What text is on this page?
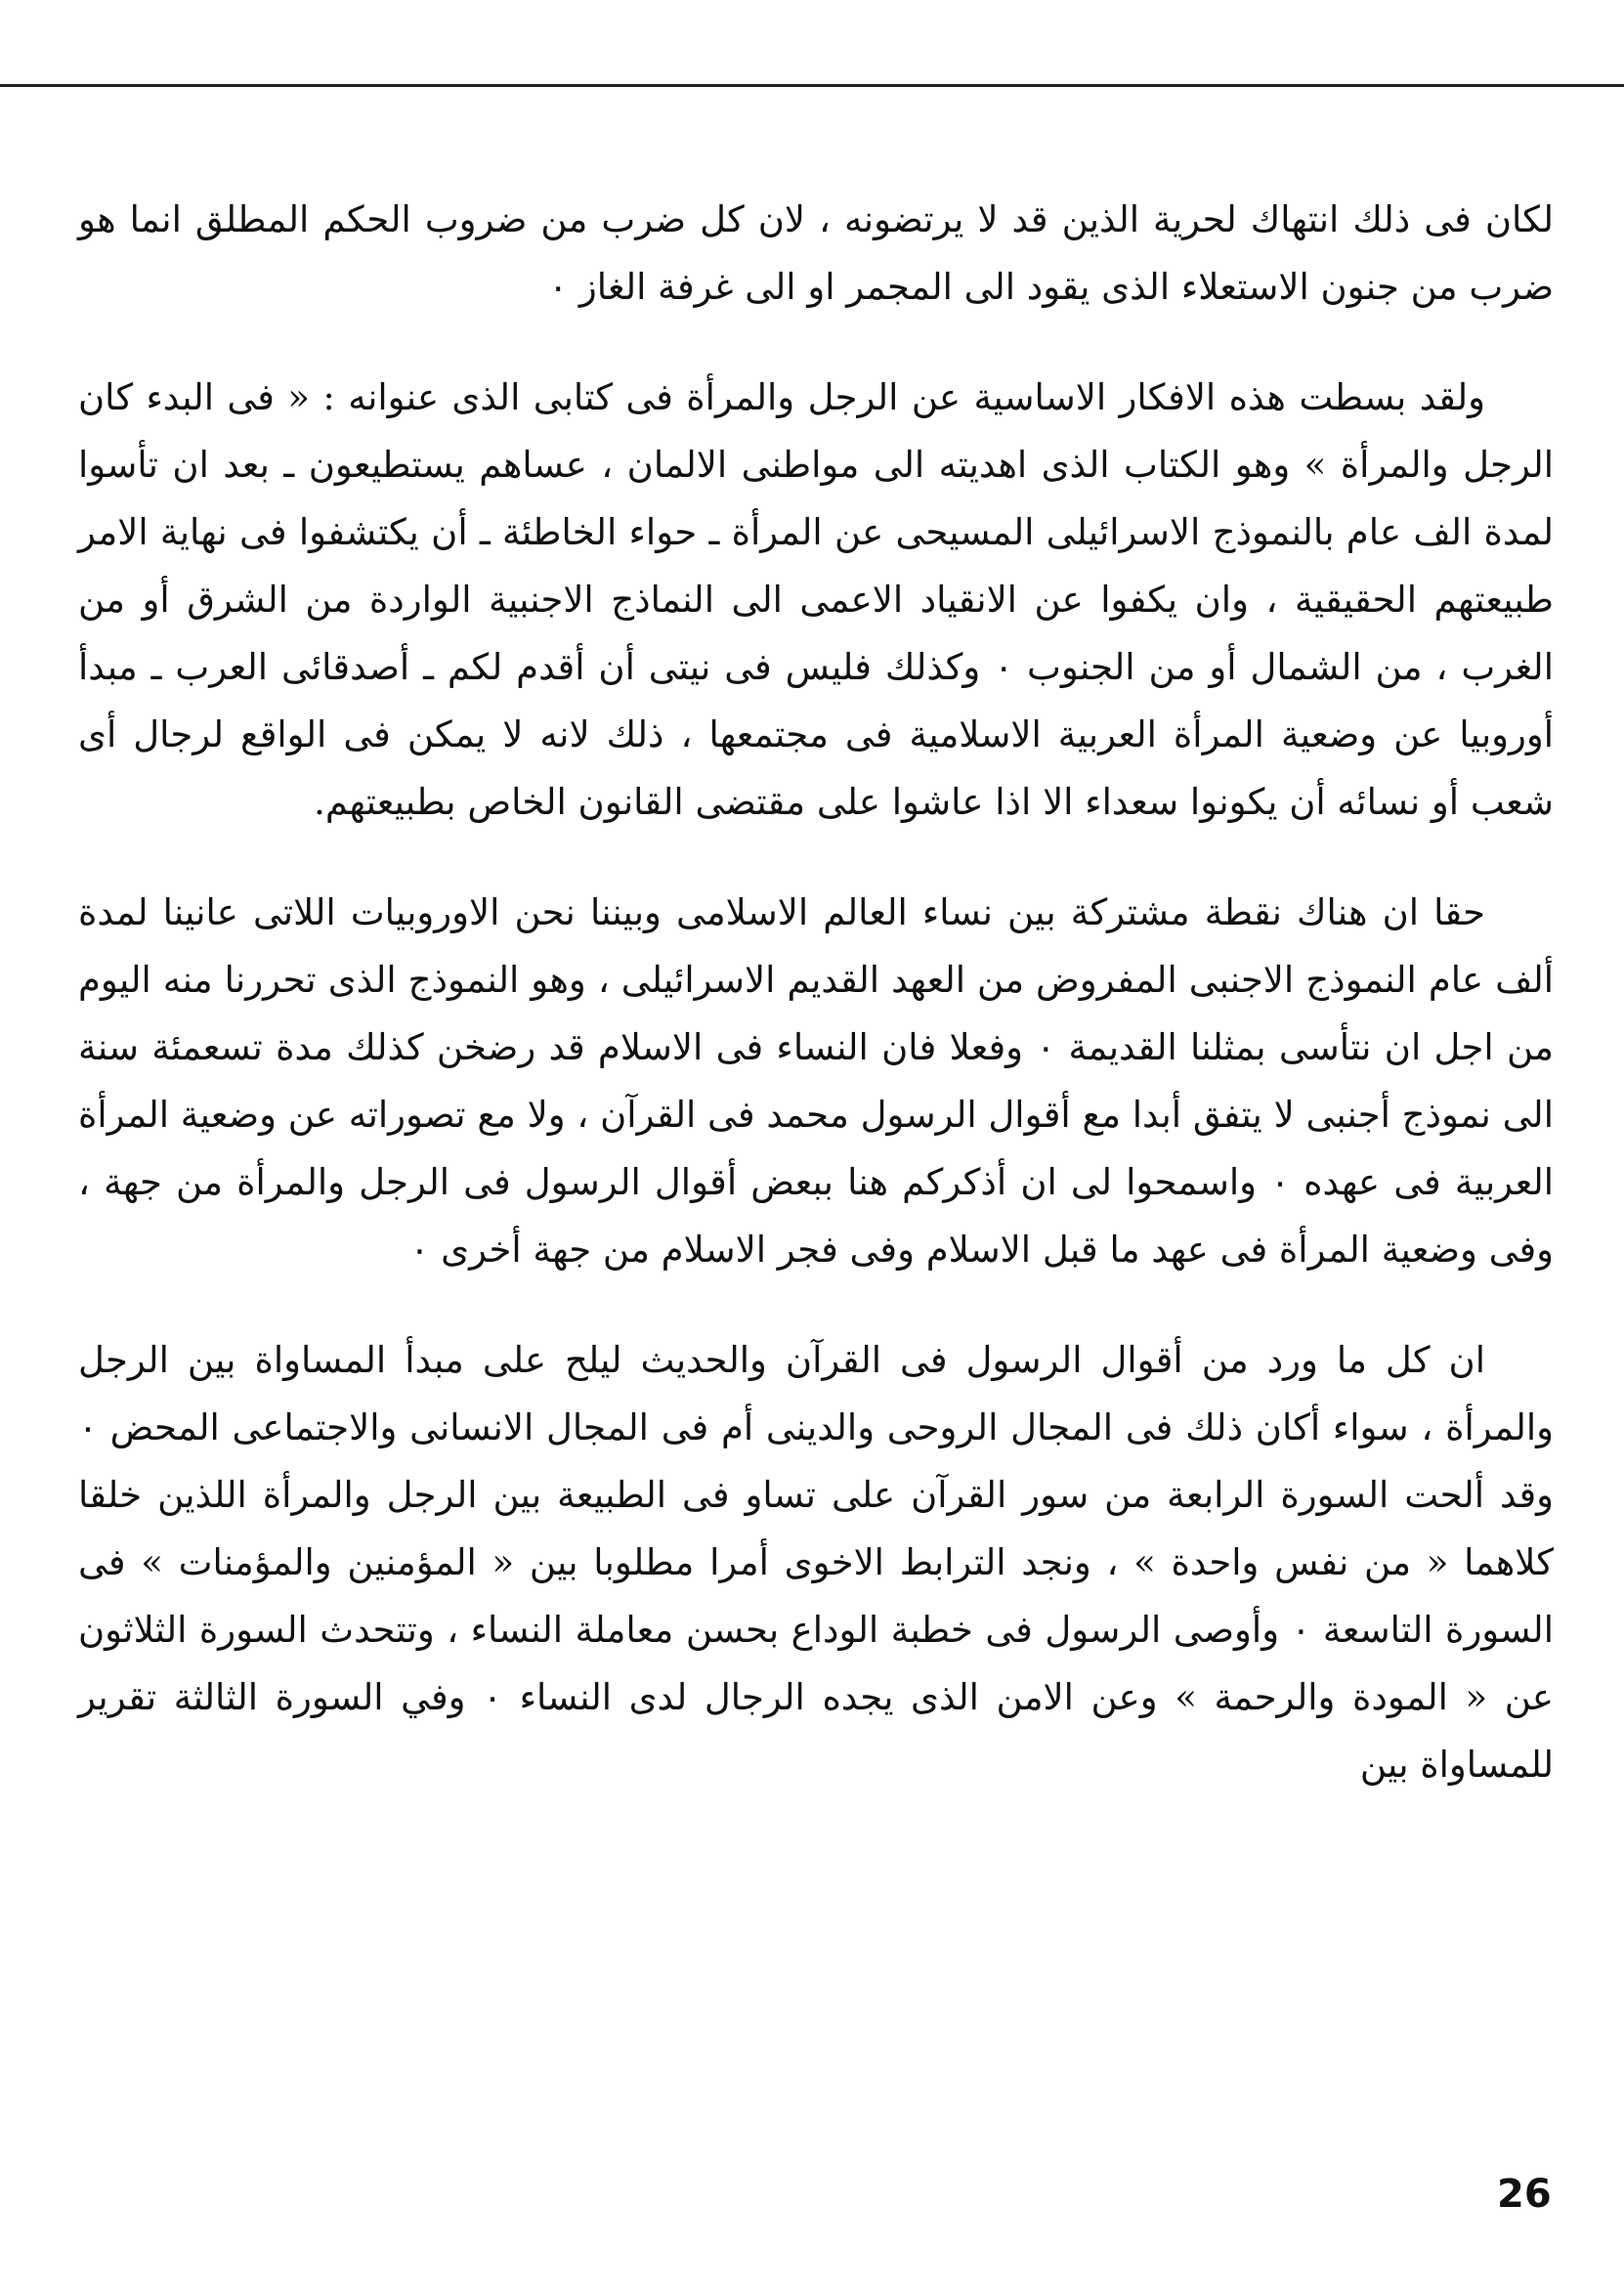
لكان فى ذلك انتهاك لحرية الذين قد لا يرتضونه ، لان كل ضرب من ضروب الحكم المطلق انما هو ضرب من جنون الاستعلاء الذى يقود الى المجمر او الى غرفة الغاز ٠

ولقد بسطت هذه الافكار الاساسية عن الرجل والمرأة فى كتابى الذى عنوانه : « فى البدء كان الرجل والمرأة » وهو الكتاب الذى اهديته الى مواطنى الالمان ، عساهم يستطيعون ـ بعد ان تأسوا لمدة الف عام بالنموذج الاسرائيلى المسيحى عن المرأة ـ حواء الخاطئة ـ أن يكتشفوا فى نهاية الامر طبيعتهم الحقيقية ، وان يكفوا عن الانقياد الاعمى الى النماذج الاجنبية الواردة من الشرق أو من الغرب ، من الشمال أو من الجنوب ٠ وكذلك فليس فى نيتى أن أقدم لكم ـ أصدقائى العرب ـ مبدأ أوروبيا عن وضعية المرأة العربية الاسلامية فى مجتمعها ، ذلك لانه لا يمكن فى الواقع لرجال أى شعب أو نسائه أن يكونوا سعداء الا اذا عاشوا على مقتضى القانون الخاص بطبيعتهم.

حقا ان هناك نقطة مشتركة بين نساء العالم الاسلامى وبيننا نحن الاوروبيات اللاتى عانينا لمدة ألف عام النموذج الاجنبى المفروض من العهد القديم الاسرائيلى ، وهو النموذج الذى تحررنا منه اليوم من اجل ان نتأسى بمثلنا القديمة ٠ وفعلا فان النساء فى الاسلام قد رضخن كذلك مدة تسعمئة سنة الى نموذج أجنبى لا يتفق أبدا مع أقوال الرسول محمد فى القرآن ، ولا مع تصوراته عن وضعية المرأة العربية فى عهده ٠ واسمحوا لى ان أذكركم هنا ببعض أقوال الرسول فى الرجل والمرأة من جهة ، وفى وضعية المرأة فى عهد ما قبل الاسلام وفى فجر الاسلام من جهة أخرى ٠

ان كل ما ورد من أقوال الرسول فى القرآن والحديث ليلح على مبدأ المساواة بين الرجل والمرأة ، سواء أكان ذلك فى المجال الروحى والدينى أم فى المجال الانسانى والاجتماعى المحض ٠ وقد ألحت السورة الرابعة من سور القرآن على تساو فى الطبيعة بين الرجل والمرأة اللذين خلقا كلاهما « من نفس واحدة » ، ونجد الترابط الاخوى أمرا مطلوبا بين « المؤمنين والمؤمنات » فى السورة التاسعة ٠ وأوصى الرسول فى خطبة الوداع بحسن معاملة النساء ، وتتحدث السورة الثلاثون عن « المودة والرحمة » وعن الامن الذى يجده الرجال لدى النساء ٠ وفي السورة الثالثة تقرير للمساواة بين

26
